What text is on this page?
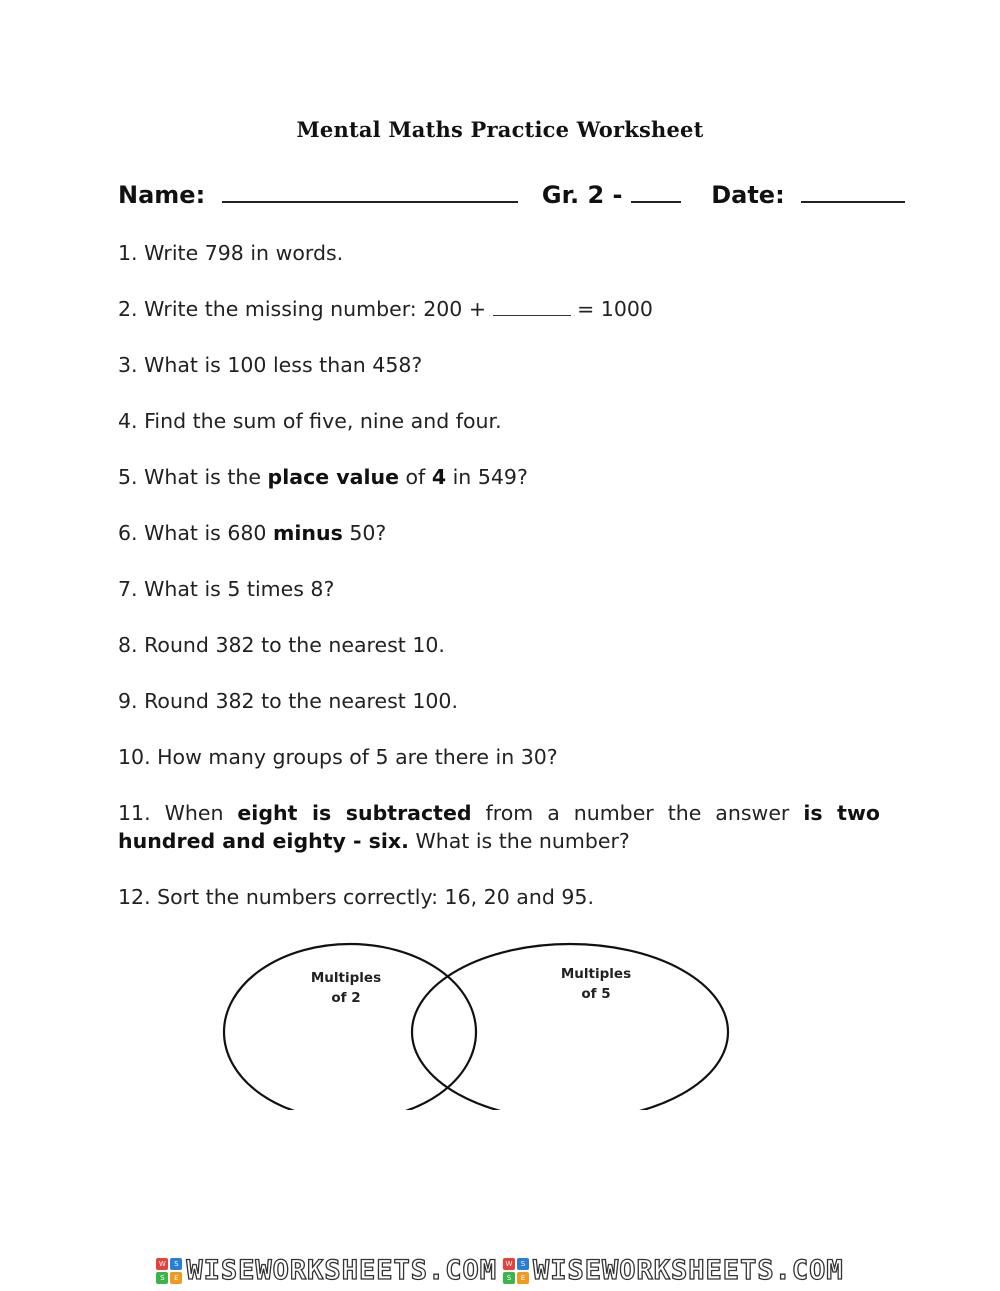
Mental Maths Practice Worksheet
Name:	Gr. 2 -	Date:
1. Write 798 in words.
2. Write the missing number: 200 +	= 1000
3. What is 100 less than 458?
4. Find the sum of five, nine and four.
5. What is the place value of 4 in 549?
6. What is 680 minus 50?
7. What is 5 times 8?
8. Round 382 to the nearest 10.
9. Round 382 to the nearest 100.
10. How many groups of 5 are there in 30?
11. When eight is subtracted from a number the answer is two hundred and eighty - six. What is the number?
12. Sort the numbers correctly: 16, 20 and 95.
Multiples
of 2
Multiples
of 5
W	S
S	E WISEWORKSHEETS.COM	W	S
S	E WISEWORKSHEETS.COM
